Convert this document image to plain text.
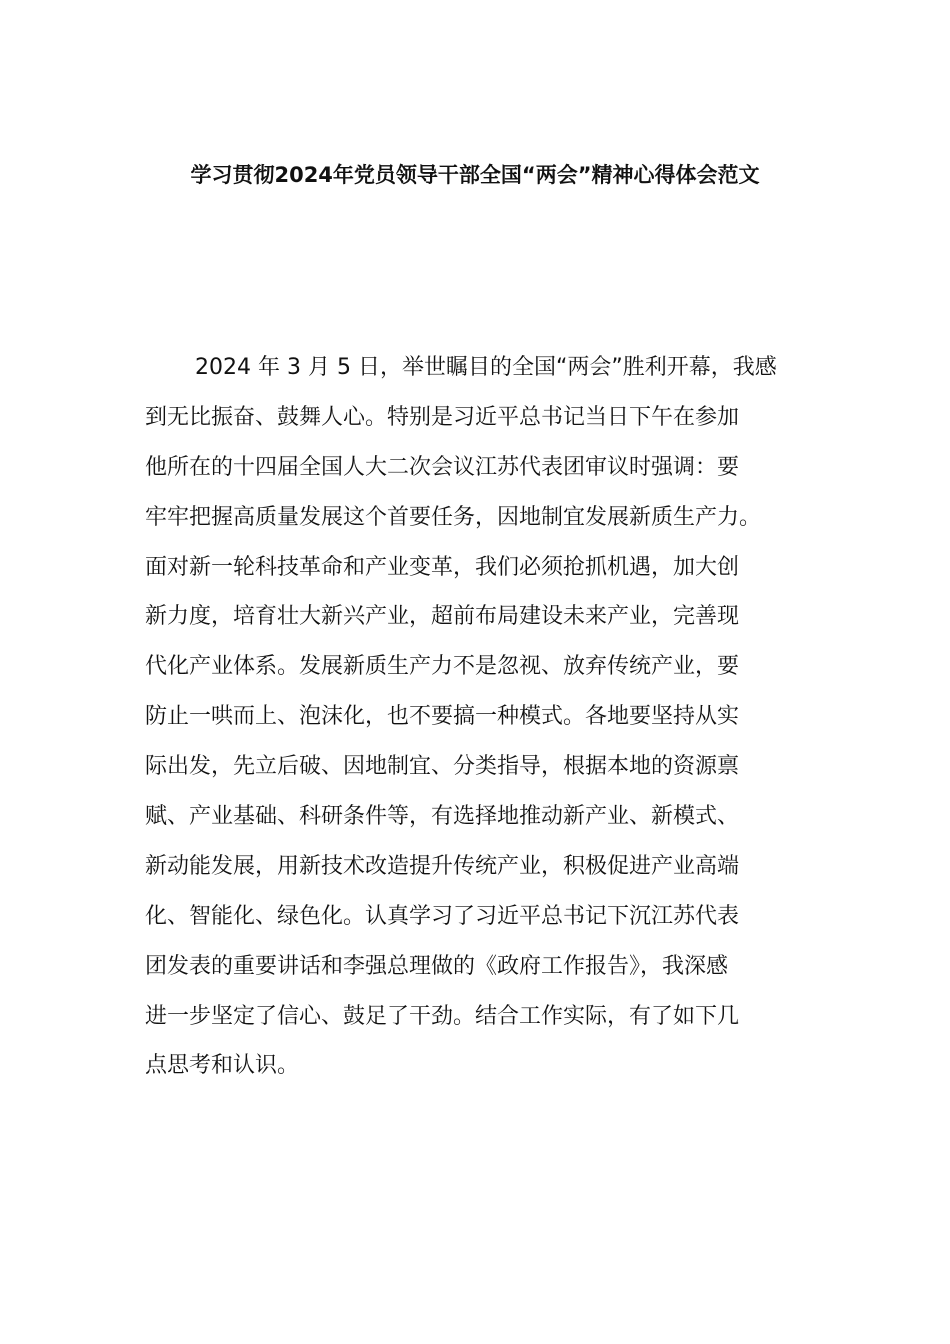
学习贯彻2024年党员领导干部全国“两会”精神心得体会范文

2024 年 3 月 5 日，举世瞩目的全国“两会”胜利开幕，我感
到无比振奋、鼓舞人心。特别是习近平总书记当日下午在参加
他所在的十四届全国人大二次会议江苏代表团审议时强调：要
牢牢把握高质量发展这个首要任务，因地制宜发展新质生产力。
面对新一轮科技革命和产业变革，我们必须抢抓机遇，加大创
新力度，培育壮大新兴产业，超前布局建设未来产业，完善现
代化产业体系。发展新质生产力不是忽视、放弃传统产业，要
防止一哄而上、泡沫化，也不要搞一种模式。各地要坚持从实
际出发，先立后破、因地制宜、分类指导，根据本地的资源禀
赋、产业基础、科研条件等，有选择地推动新产业、新模式、
新动能发展，用新技术改造提升传统产业，积极促进产业高端
化、智能化、绿色化。认真学习了习近平总书记下沉江苏代表
团发表的重要讲话和李强总理做的《政府工作报告》，我深感
进一步坚定了信心、鼓足了干劲。结合工作实际，有了如下几
点思考和认识。
